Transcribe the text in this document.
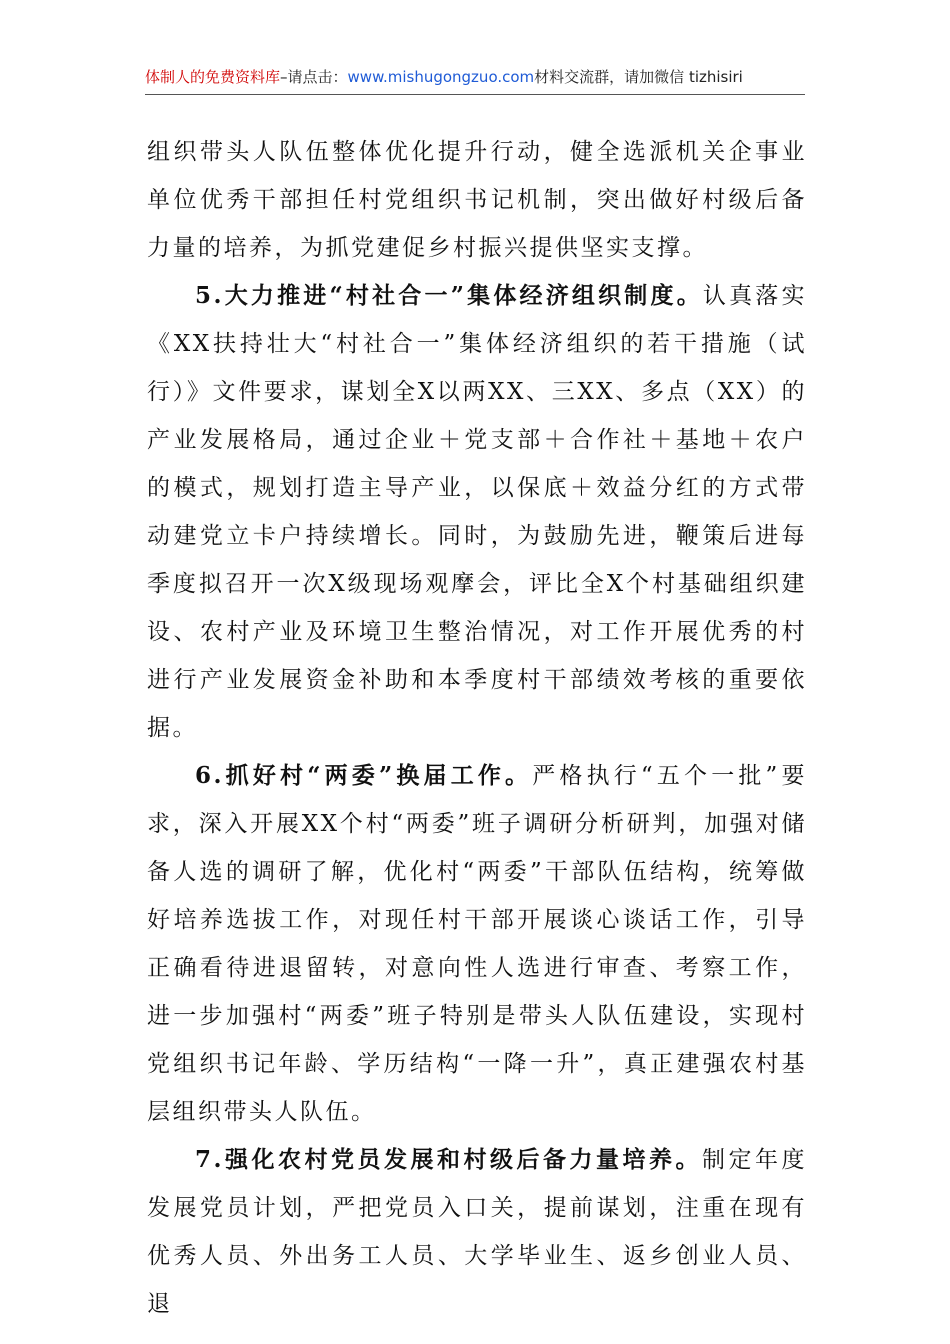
体制人的免费资料库–请点击：www.mishugongzuo.com材料交流群，请加微信 tizhisiri

组织带头人队伍整体优化提升行动，健全选派机关企事业单位优秀干部担任村党组织书记机制，突出做好村级后备力量的培养，为抓党建促乡村振兴提供坚实支撑。

5.大力推进“村社合一”集体经济组织制度。认真落实《XX扶持壮大“村社合一”集体经济组织的若干措施（试行）》文件要求，谋划全X以两XX、三XX、多点（XX）的产业发展格局，通过企业＋党支部＋合作社＋基地＋农户的模式，规划打造主导产业，以保底＋效益分红的方式带动建党立卡户持续增长。同时，为鼓励先进，鞭策后进每季度拟召开一次X级现场观摩会，评比全X个村基础组织建设、农村产业及环境卫生整治情况，对工作开展优秀的村进行产业发展资金补助和本季度村干部绩效考核的重要依据。

6.抓好村“两委”换届工作。严格执行“五个一批”要求，深入开展XX个村“两委”班子调研分析研判，加强对储备人选的调研了解，优化村“两委”干部队伍结构，统筹做好培养选拔工作，对现任村干部开展谈心谈话工作，引导正确看待进退留转，对意向性人选进行审查、考察工作，进一步加强村“两委”班子特别是带头人队伍建设，实现村党组织书记年龄、学历结构“一降一升”，真正建强农村基层组织带头人队伍。

7.强化农村党员发展和村级后备力量培养。制定年度发展党员计划，严把党员入口关，提前谋划，注重在现有优秀人员、外出务工人员、大学毕业生、返乡创业人员、退
